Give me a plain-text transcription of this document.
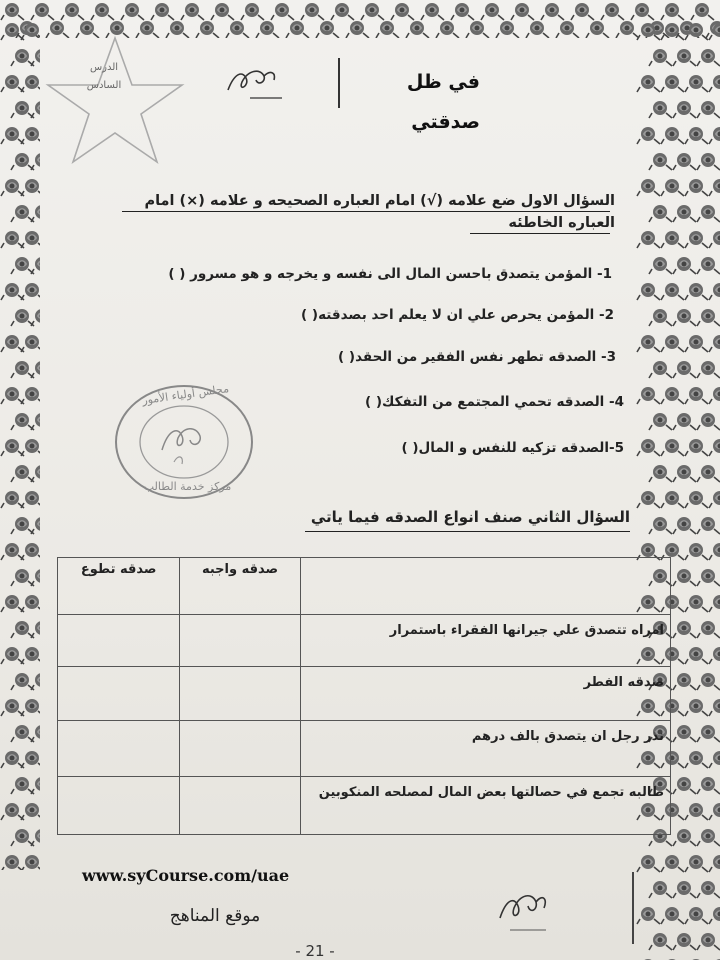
الدرس
السادس	في ظل صدقتي
السؤال الاول ضع علامه (√) امام العباره الصحيحه و علامه (×) امام العباره الخاطئه
1- المؤمن يتصدق باحسن المال الى نفسه و يخرجه و هو مسرور ( )
2- المؤمن يحرص علي ان لا يعلم احد بصدقته( )
3- الصدقه تطهر نفس الفقير من الحقد( )
4- الصدقه تحمي المجتمع من التفكك( )
5-الصدقه تزكيه للنفس و المال( )
مجلس أولياء الأمور
مركز خدمة الطالب
السؤال الثاني صنف انواع الصدقه فيما ياتي
	صدقه واجبه	صدقه تطوع
امراه تتصدق علي جيرانها الفقراء باستمرار		
صدقه الفطر		
نذر رجل ان يتصدق بالف درهم		
طالبه تجمع في حصالتها بعض المال لمصلحه المنكوبين		
www.syCourse.com/uae
موقع المناهج
- 21 -
